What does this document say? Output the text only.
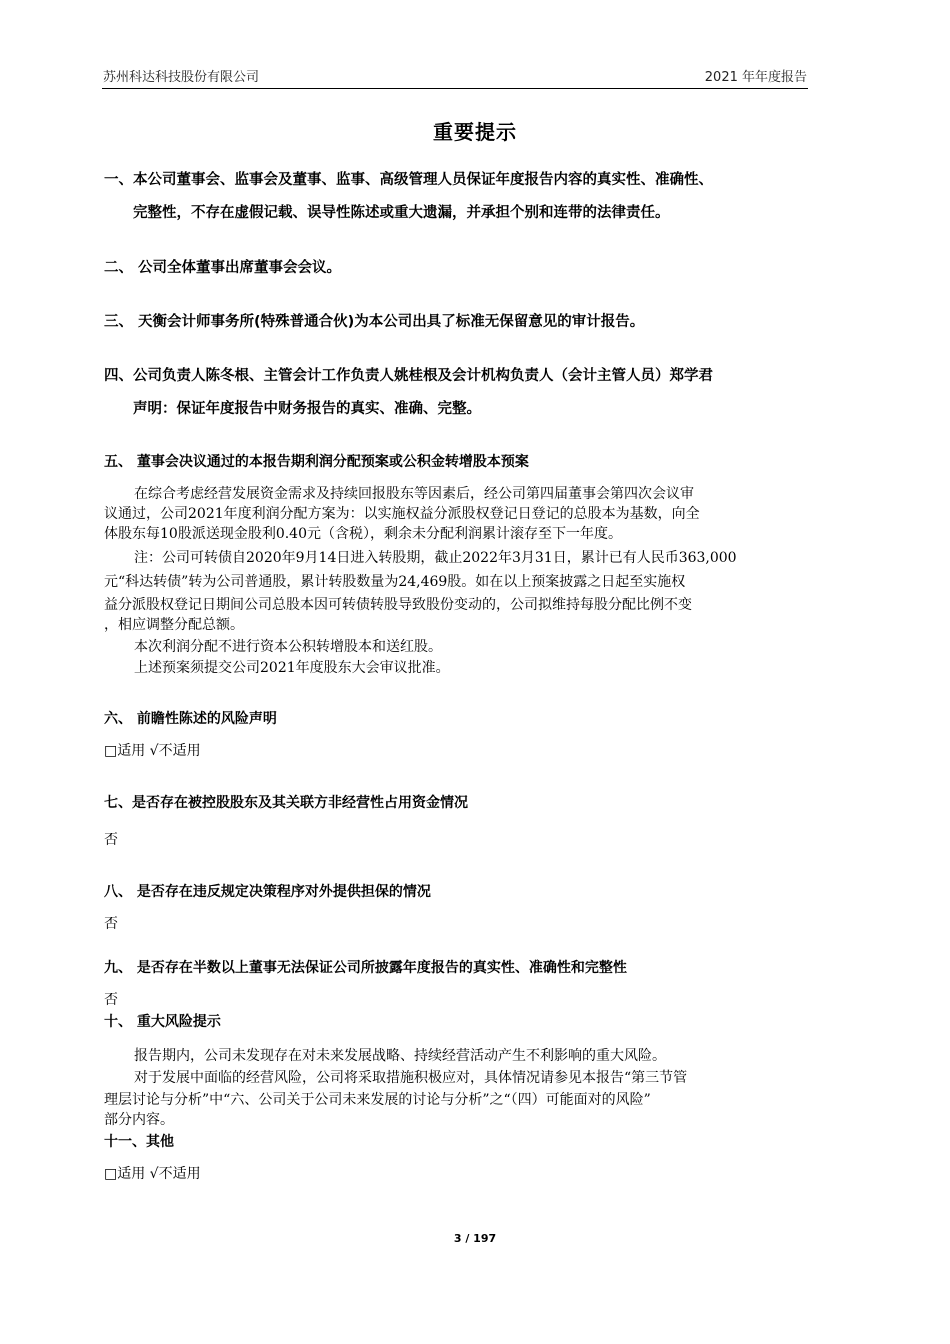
苏州科达科技股份有限公司	2021 年年度报告
重要提示
一、本公司董事会、监事会及董事、监事、高级管理人员保证年度报告内容的真实性、准确性、
完整性，不存在虚假记载、误导性陈述或重大遗漏，并承担个别和连带的法律责任。
二、 公司全体董事出席董事会会议。
三、 天衡会计师事务所(特殊普通合伙)为本公司出具了标准无保留意见的审计报告。
四、公司负责人陈冬根、主管会计工作负责人姚桂根及会计机构负责人（会计主管人员）郑学君
声明：保证年度报告中财务报告的真实、准确、完整。
五、 董事会决议通过的本报告期利润分配预案或公积金转增股本预案
在综合考虑经营发展资金需求及持续回报股东等因素后，经公司第四届董事会第四次会议审
议通过，公司2021年度利润分配方案为：以实施权益分派股权登记日登记的总股本为基数，向全
体股东每10股派送现金股利0.40元（含税），剩余未分配利润累计滚存至下一年度。
注：公司可转债自2020年9月14日进入转股期，截止2022年3月31日，累计已有人民币363,000
元“科达转债”转为公司普通股，累计转股数量为24,469股。如在以上预案披露之日起至实施权
益分派股权登记日期间公司总股本因可转债转股导致股份变动的，公司拟维持每股分配比例不变
，相应调整分配总额。
本次利润分配不进行资本公积转增股本和送红股。
上述预案须提交公司2021年度股东大会审议批准。
六、 前瞻性陈述的风险声明
□适用 √不适用
七、是否存在被控股股东及其关联方非经营性占用资金情况
否
八、 是否存在违反规定决策程序对外提供担保的情况
否
九、 是否存在半数以上董事无法保证公司所披露年度报告的真实性、准确性和完整性
否
十、 重大风险提示
报告期内，公司未发现存在对未来发展战略、持续经营活动产生不利影响的重大风险。
对于发展中面临的经营风险，公司将采取措施积极应对，具体情况请参见本报告“第三节管
理层讨论与分析”中“六、公司关于公司未来发展的讨论与分析”之“（四）可能面对的风险”
部分内容。
十一、其他
□适用 √不适用
3 / 197
